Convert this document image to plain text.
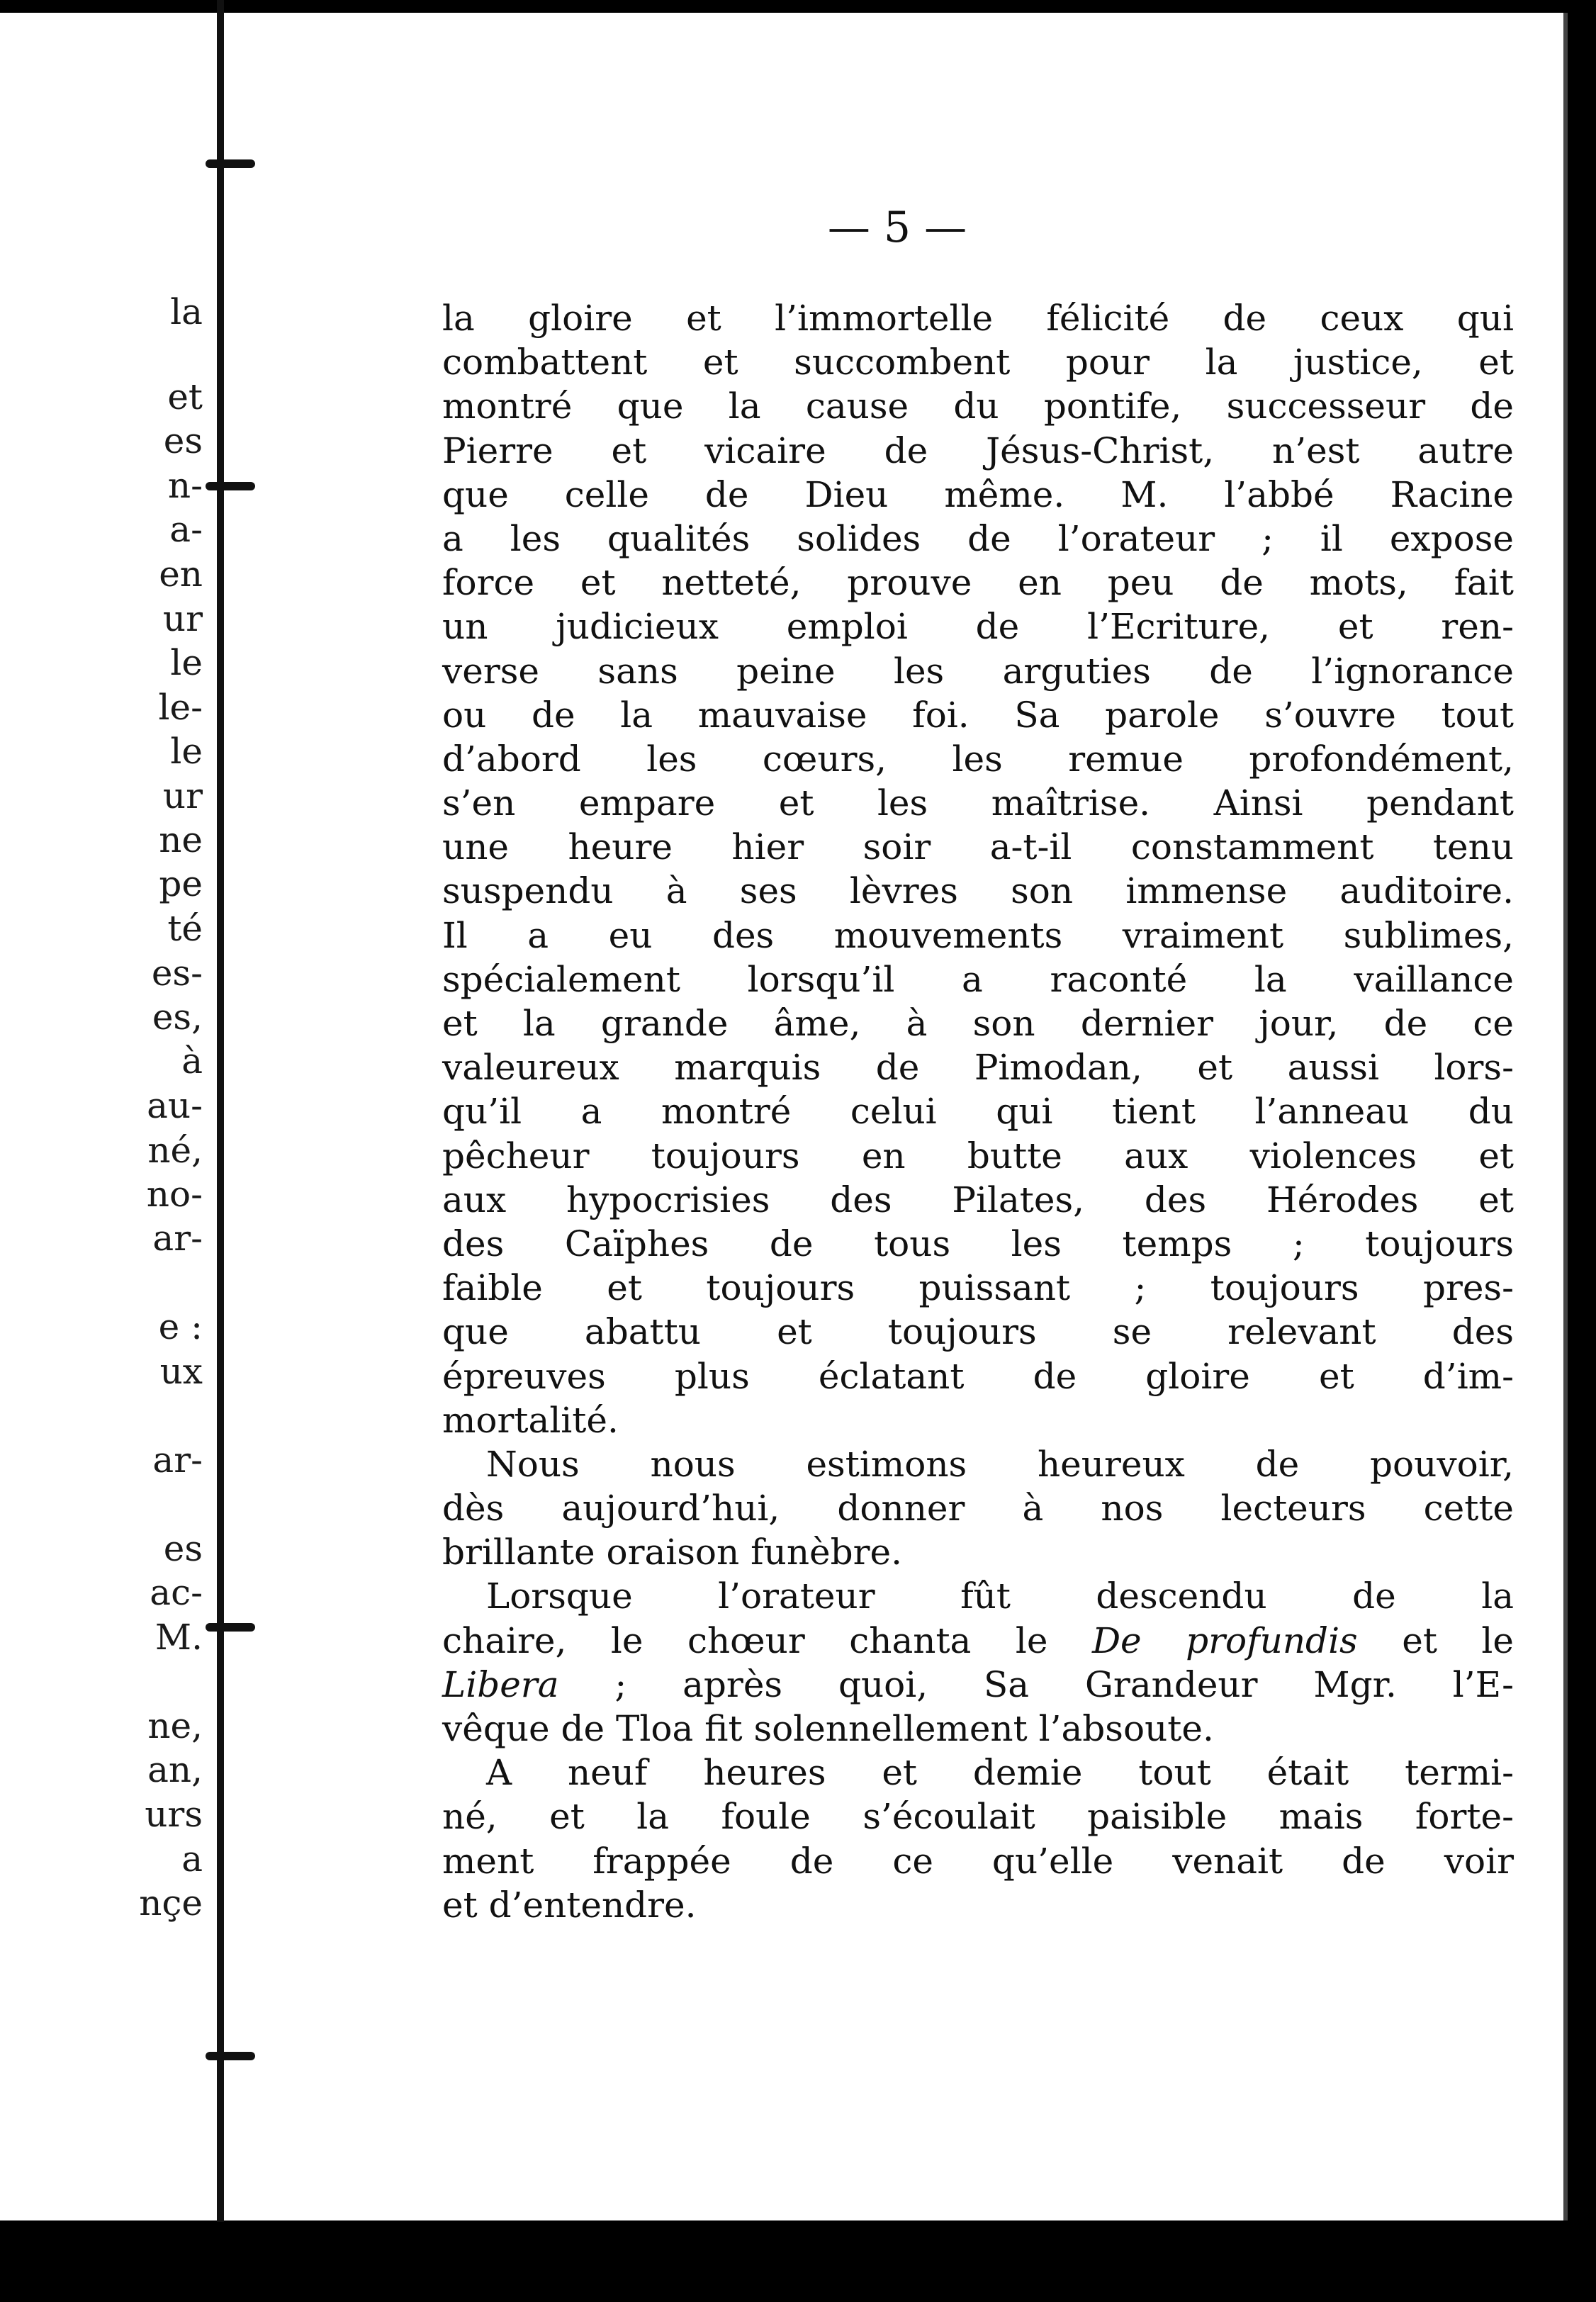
la
et
es
n-
a-
en
ur
le
le-
le
ur
ne
pe
té
es-
es,
à
au-
né,
no-
ar-
e :
ux
ar-
es
ac-
M.
ne,
an,
urs
a
nçe
— 5 —
la gloire et l’immortelle félicité de ceux qui
combattent et succombent pour la justice, et
montré que la cause du pontife, successeur de
Pierre et vicaire de Jésus-Christ, n’est autre
que celle de Dieu même. M. l’abbé Racine
a les qualités solides de l’orateur ; il expose
force et netteté, prouve en peu de mots, fait
un judicieux emploi de l’Ecriture, et ren-
verse sans peine les arguties de l’ignorance
ou de la mauvaise foi. Sa parole s’ouvre tout
d’abord les cœurs, les remue profondément,
s’en empare et les maîtrise. Ainsi pendant
une heure hier soir a-t-il constamment tenu
suspendu à ses lèvres son immense auditoire.
Il a eu des mouvements vraiment sublimes,
spécialement lorsqu’il a raconté la vaillance
et la grande âme, à son dernier jour, de ce
valeureux marquis de Pimodan, et aussi lors-
qu’il a montré celui qui tient l’anneau du
pêcheur toujours en butte aux violences et
aux hypocrisies des Pilates, des Hérodes et
des Caïphes de tous les temps ; toujours
faible et toujours puissant ; toujours pres-
que abattu et toujours se relevant des
épreuves plus éclatant de gloire et d’im-
mortalité.
Nous nous estimons heureux de pouvoir,
dès aujourd’hui, donner à nos lecteurs cette
brillante oraison funèbre.
Lorsque l’orateur fût descendu de la
chaire, le chœur chanta le De profundis et le
Libera ; après quoi, Sa Grandeur Mgr. l’E-
vêque de Tloa fit solennellement l’absoute.
A neuf heures et demie tout était termi-
né, et la foule s’écoulait paisible mais forte-
ment frappée de ce qu’elle venait de voir
et d’entendre.
